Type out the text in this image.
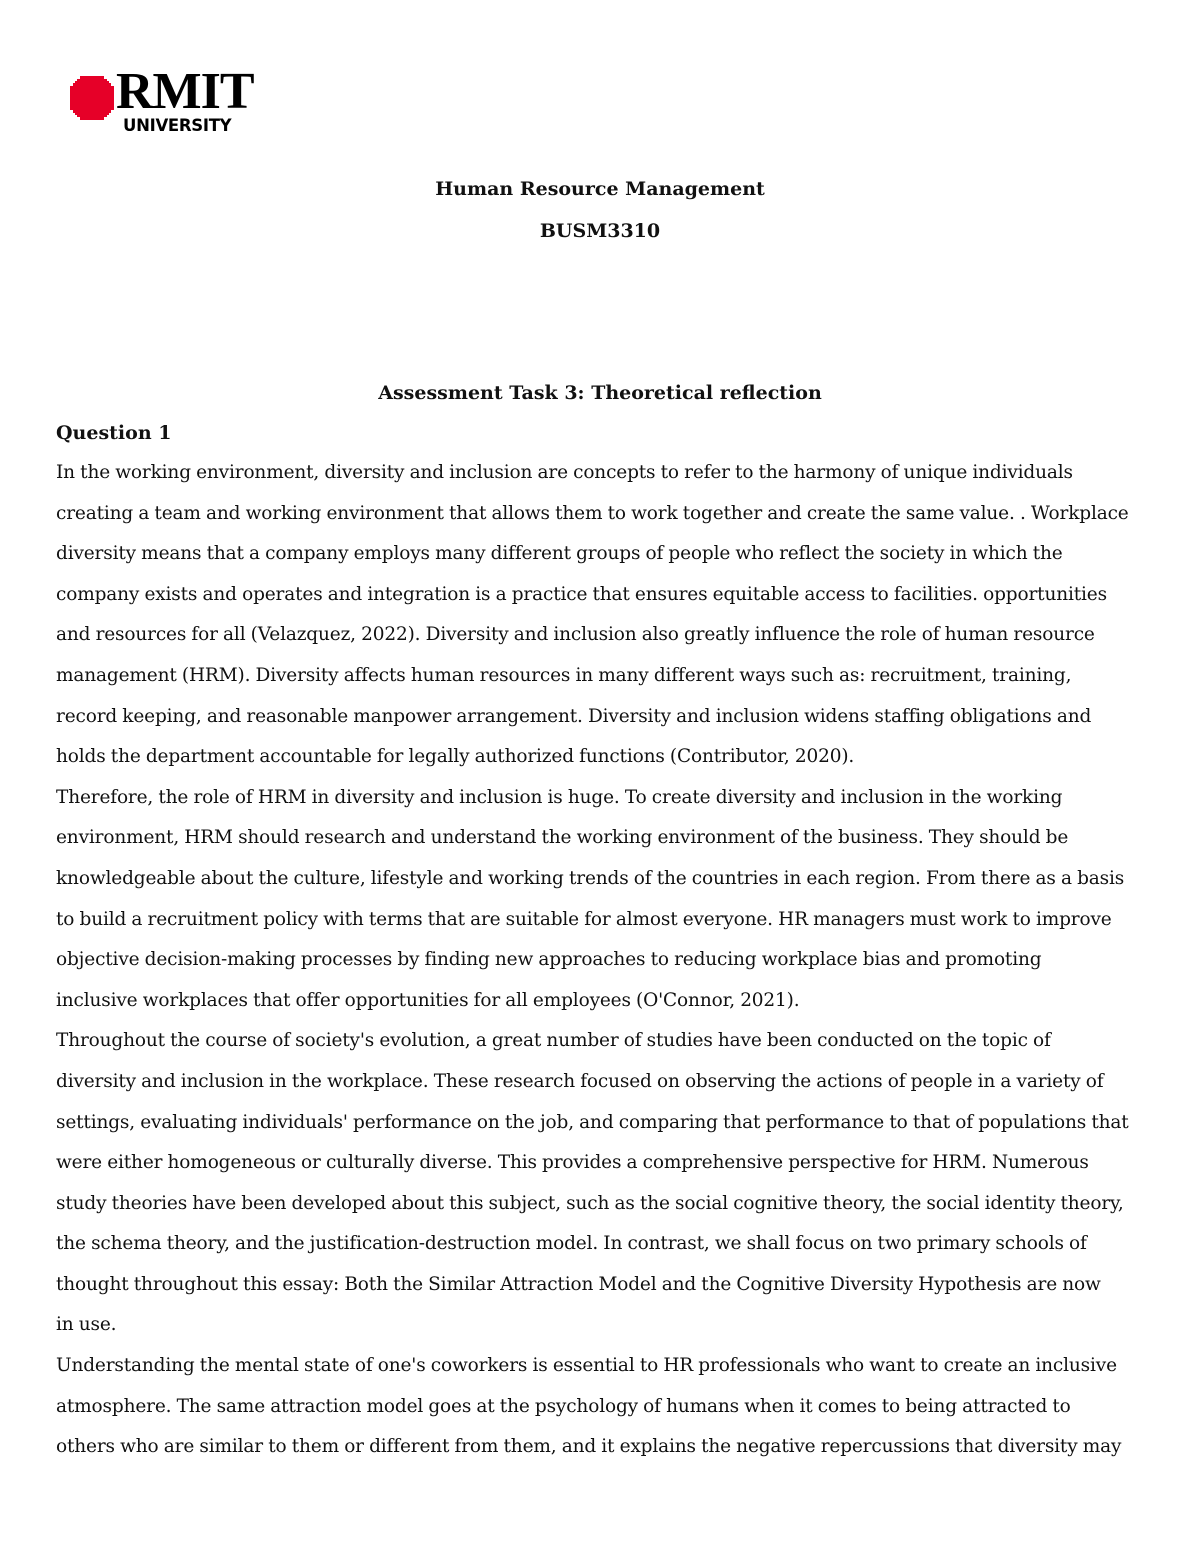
RMIT
UNIVERSITY
Human Resource Management
BUSM3310
Assessment Task 3: Theoretical reflection
Question 1
In the working environment, diversity and inclusion are concepts to refer to the harmony of unique individuals
creating a team and working environment that allows them to work together and create the same value. . Workplace
diversity means that a company employs many different groups of people who reflect the society in which the
company exists and operates and integration is a practice that ensures equitable access to facilities. opportunities
and resources for all (Velazquez, 2022). Diversity and inclusion also greatly influence the role of human resource
management (HRM). Diversity affects human resources in many different ways such as: recruitment, training,
record keeping, and reasonable manpower arrangement. Diversity and inclusion widens staffing obligations and
holds the department accountable for legally authorized functions (Contributor, 2020).
Therefore, the role of HRM in diversity and inclusion is huge. To create diversity and inclusion in the working
environment, HRM should research and understand the working environment of the business. They should be
knowledgeable about the culture, lifestyle and working trends of the countries in each region. From there as a basis
to build a recruitment policy with terms that are suitable for almost everyone. HR managers must work to improve
objective decision-making processes by finding new approaches to reducing workplace bias and promoting
inclusive workplaces that offer opportunities for all employees (O'Connor, 2021).
Throughout the course of society's evolution, a great number of studies have been conducted on the topic of
diversity and inclusion in the workplace. These research focused on observing the actions of people in a variety of
settings, evaluating individuals' performance on the job, and comparing that performance to that of populations that
were either homogeneous or culturally diverse. This provides a comprehensive perspective for HRM. Numerous
study theories have been developed about this subject, such as the social cognitive theory, the social identity theory,
the schema theory, and the justification-destruction model. In contrast, we shall focus on two primary schools of
thought throughout this essay: Both the Similar Attraction Model and the Cognitive Diversity Hypothesis are now
in use.
Understanding the mental state of one's coworkers is essential to HR professionals who want to create an inclusive
atmosphere. The same attraction model goes at the psychology of humans when it comes to being attracted to
others who are similar to them or different from them, and it explains the negative repercussions that diversity may
